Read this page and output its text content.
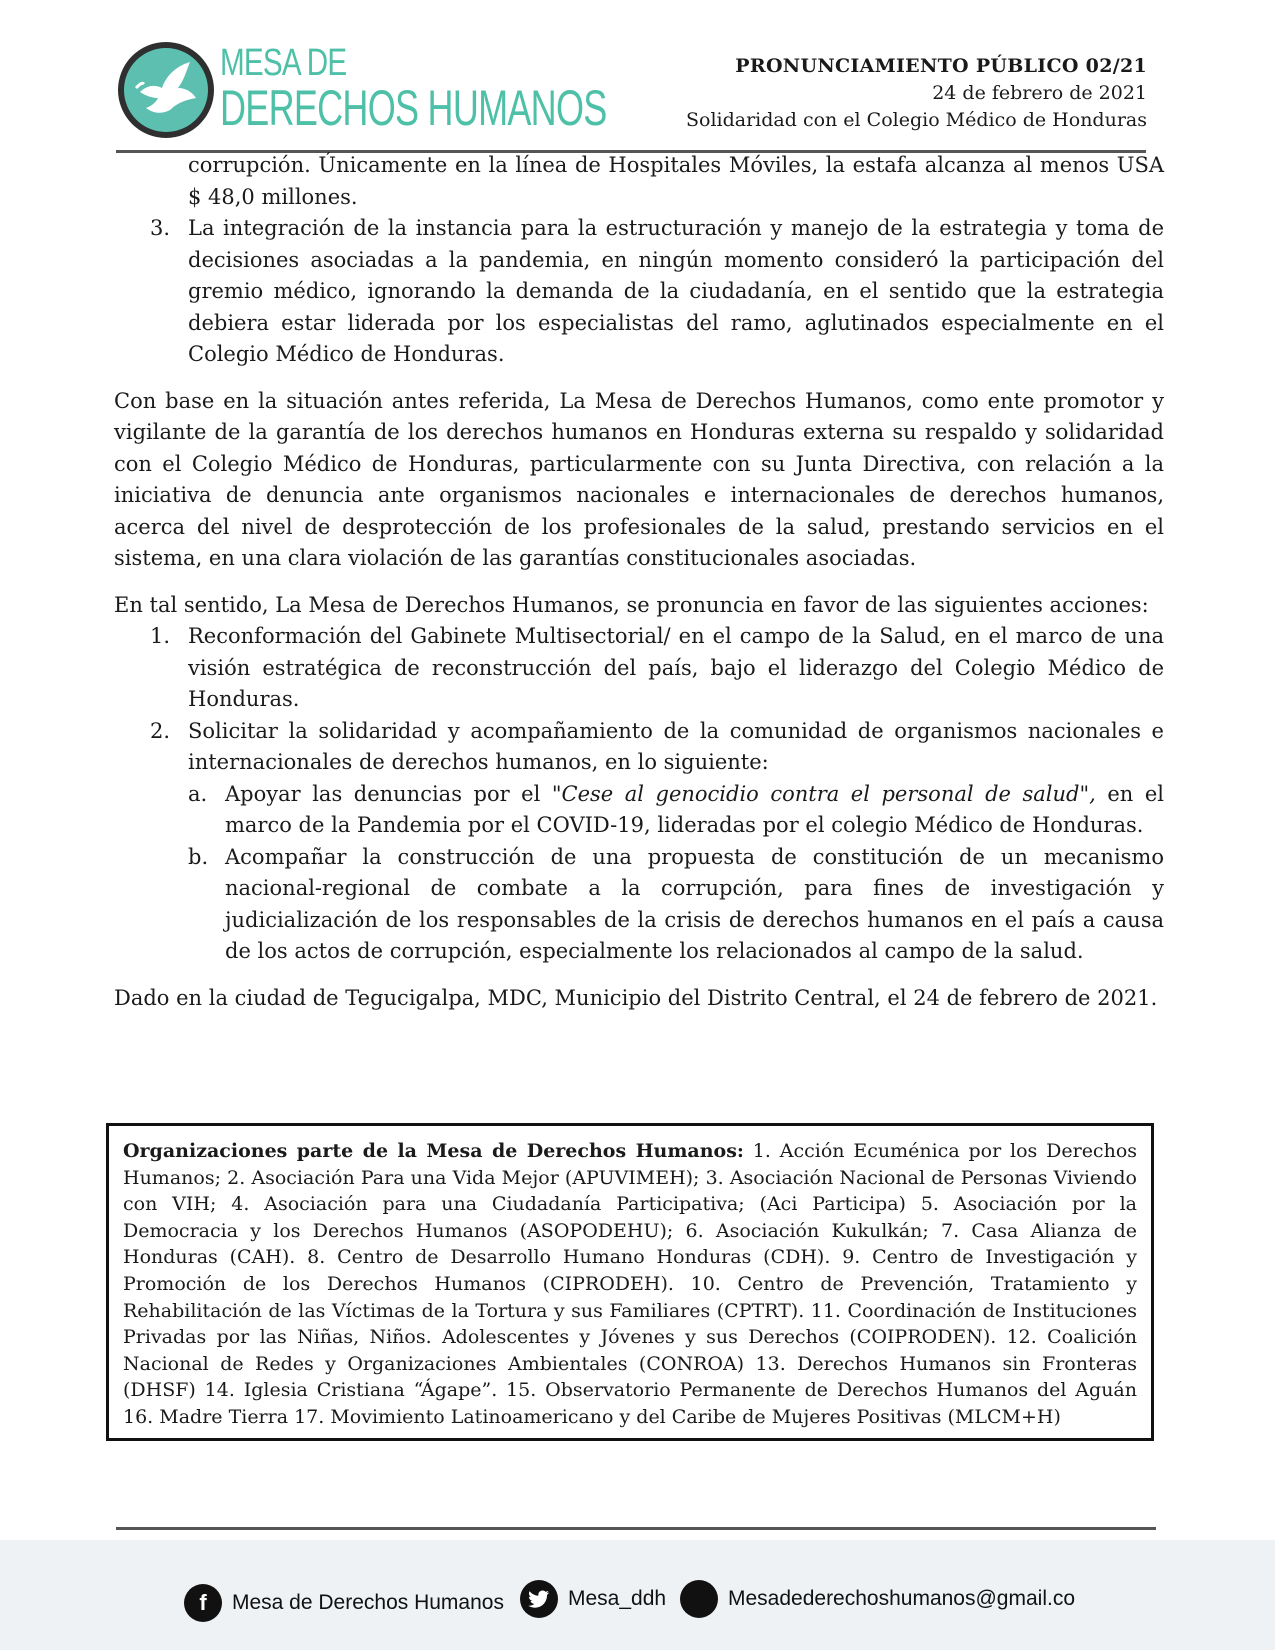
MESA DE
DERECHOS HUMANOS
PRONUNCIAMIENTO PÚBLICO 02/21
24 de febrero de 2021
Solidaridad con el Colegio Médico de Honduras
corrupción. Únicamente en la línea de Hospitales Móviles, la estafa alcanza al menos USA $ 48,0 millones.
3. La integración de la instancia para la estructuración y manejo de la estrategia y toma de decisiones asociadas a la pandemia, en ningún momento consideró la participación del gremio médico, ignorando la demanda de la ciudadanía, en el sentido que la estrategia debiera estar liderada por los especialistas del ramo, aglutinados especialmente en el Colegio Médico de Honduras.

Con base en la situación antes referida, La Mesa de Derechos Humanos, como ente promotor y vigilante de la garantía de los derechos humanos en Honduras externa su respaldo y solidaridad con el Colegio Médico de Honduras, particularmente con su Junta Directiva, con relación a la iniciativa de denuncia ante organismos nacionales e internacionales de derechos humanos, acerca del nivel de desprotección de los profesionales de la salud, prestando servicios en el sistema, en una clara violación de las garantías constitucionales asociadas.

En tal sentido, La Mesa de Derechos Humanos, se pronuncia en favor de las siguientes acciones:

1. Reconformación del Gabinete Multisectorial/ en el campo de la Salud, en el marco de una visión estratégica de reconstrucción del país, bajo el liderazgo del Colegio Médico de Honduras.
2. Solicitar la solidaridad y acompañamiento de la comunidad de organismos nacionales e internacionales de derechos humanos, en lo siguiente:
a. Apoyar las denuncias por el "Cese al genocidio contra el personal de salud", en el marco de la Pandemia por el COVID-19, lideradas por el colegio Médico de Honduras.
b. Acompañar la construcción de una propuesta de constitución de un mecanismo nacional-regional de combate a la corrupción, para fines de investigación y judicialización de los responsables de la crisis de derechos humanos en el país a causa de los actos de corrupción, especialmente los relacionados al campo de la salud.

Dado en la ciudad de Tegucigalpa, MDC, Municipio del Distrito Central, el 24 de febrero de 2021.

Organizaciones parte de la Mesa de Derechos Humanos: 1. Acción Ecuménica por los Derechos Humanos; 2. Asociación Para una Vida Mejor (APUVIMEH); 3. Asociación Nacional de Personas Viviendo con VIH; 4. Asociación para una Ciudadanía Participativa; (Aci Participa) 5. Asociación por la Democracia y los Derechos Humanos (ASOPODEHU); 6. Asociación Kukulkán; 7. Casa Alianza de Honduras (CAH). 8. Centro de Desarrollo Humano Honduras (CDH). 9. Centro de Investigación y Promoción de los Derechos Humanos (CIPRODEH). 10. Centro de Prevención, Tratamiento y Rehabilitación de las Víctimas de la Tortura y sus Familiares (CPTRT). 11. Coordinación de Instituciones Privadas por las Niñas, Niños. Adolescentes y Jóvenes y sus Derechos (COIPRODEN). 12. Coalición Nacional de Redes y Organizaciones Ambientales (CONROA) 13. Derechos Humanos sin Fronteras (DHSF) 14. Iglesia Cristiana “Ágape”. 15. Observatorio Permanente de Derechos Humanos del Aguán 16. Madre Tierra 17. Movimiento Latinoamericano y del Caribe de Mujeres Positivas (MLCM+H)
f	Mesa de Derechos Humanos	Mesa_ddh	Mesadederechoshumanos@gmail.co
